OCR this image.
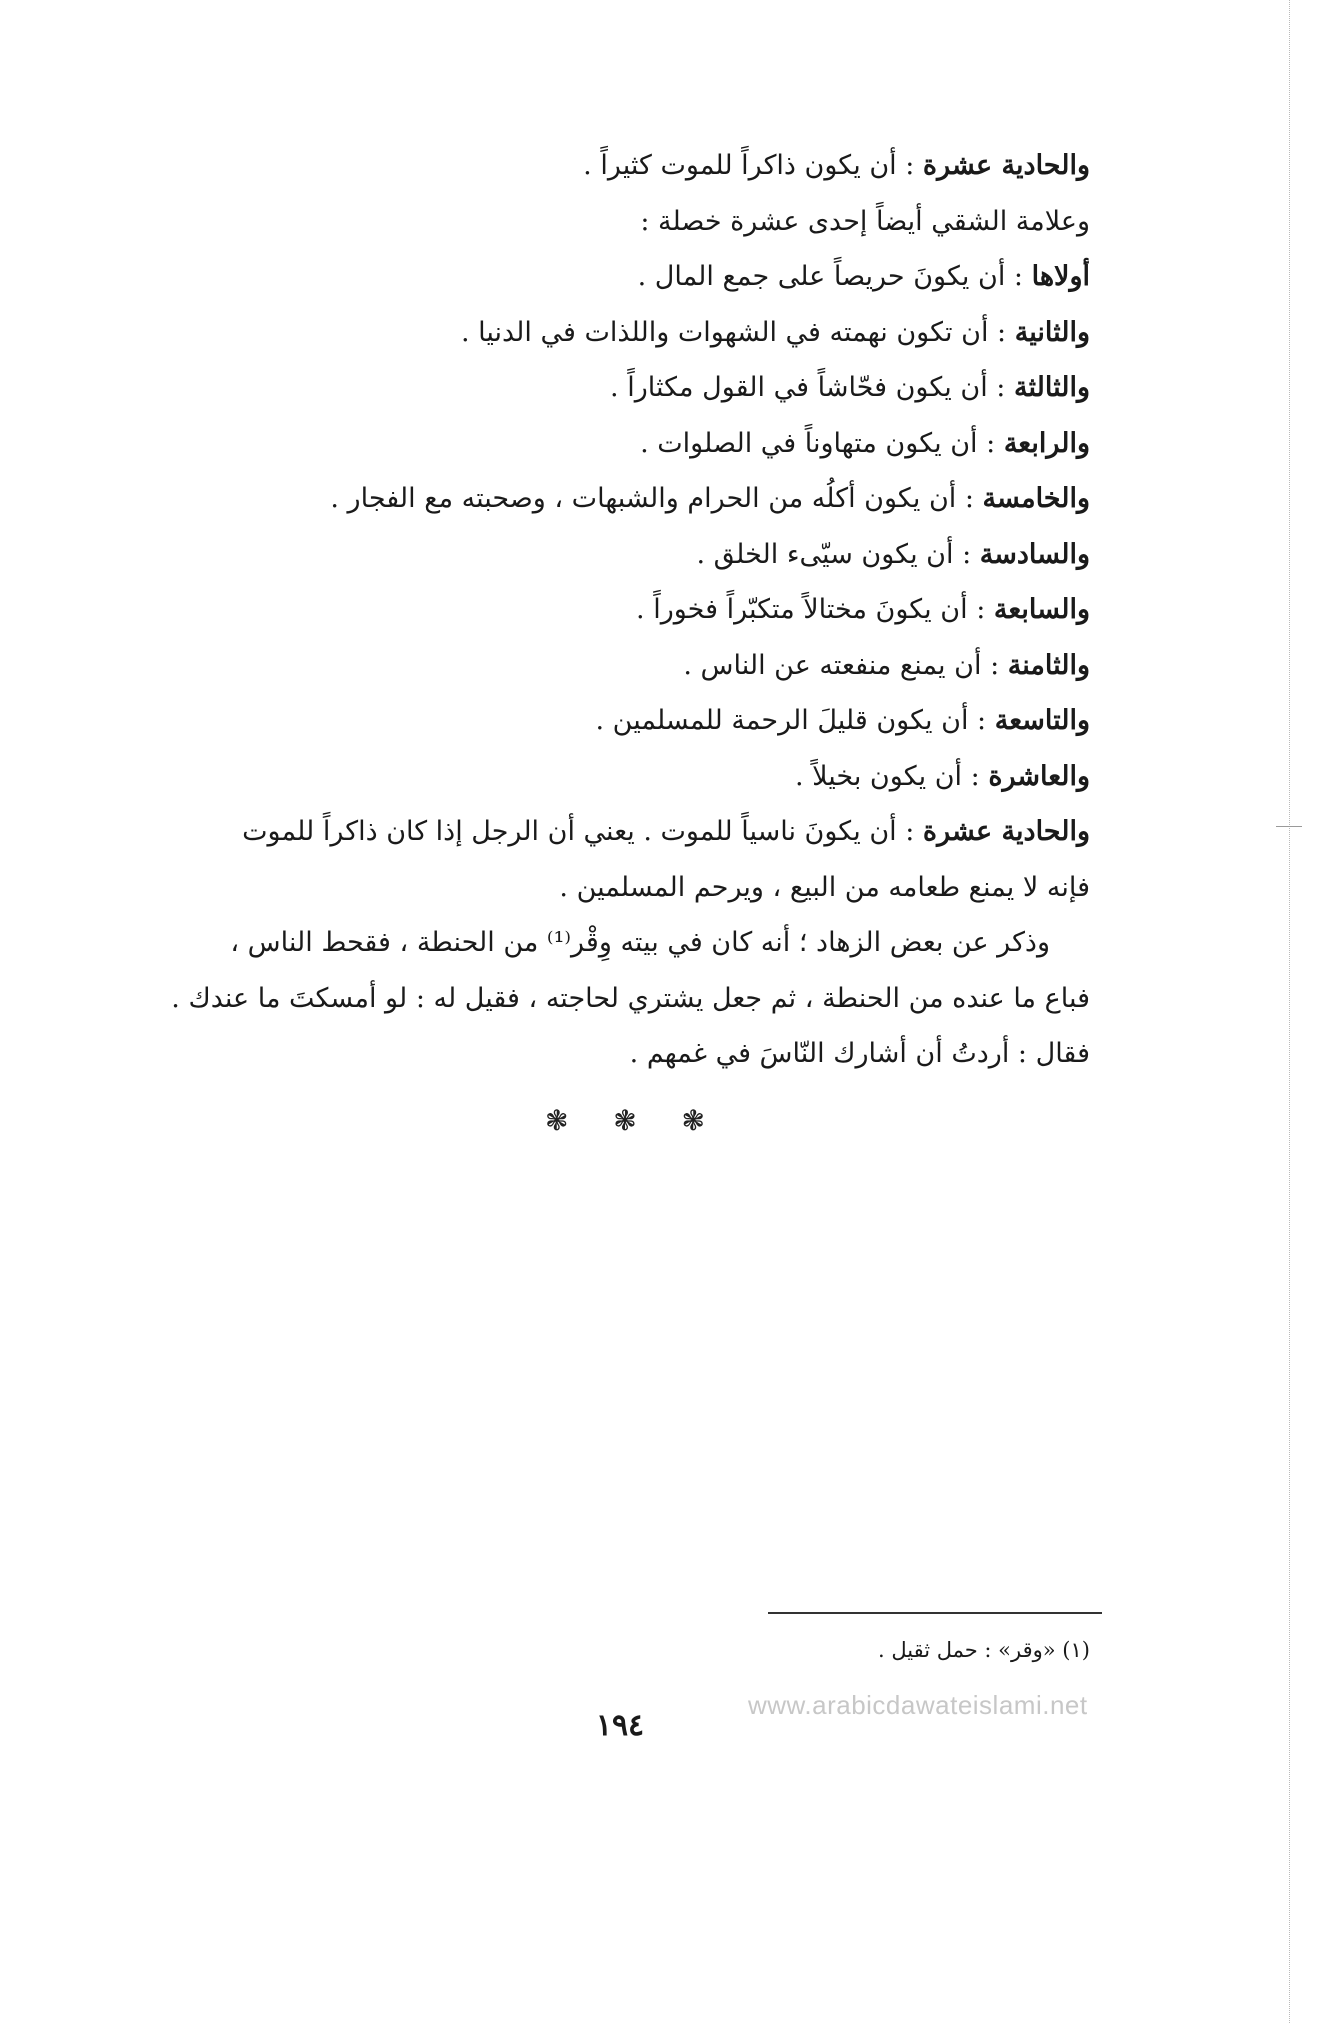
والحادية عشرة : أن يكون ذاكراً للموت كثيراً .
وعلامة الشقي أيضاً إحدى عشرة خصلة :
أولاها : أن يكونَ حريصاً على جمع المال .
والثانية : أن تكون نهمته في الشهوات واللذات في الدنيا .
والثالثة : أن يكون فحّاشاً في القول مكثاراً .
والرابعة : أن يكون متهاوناً في الصلوات .
والخامسة : أن يكون أكلُه من الحرام والشبهات ، وصحبته مع الفجار .
والسادسة : أن يكون سيّىء الخلق .
والسابعة : أن يكونَ مختالاً متكبّراً فخوراً .
والثامنة : أن يمنع منفعته عن الناس .
والتاسعة : أن يكون قليلَ الرحمة للمسلمين .
والعاشرة : أن يكون بخيلاً .
والحادية عشرة : أن يكونَ ناسياً للموت . يعني أن الرجل إذا كان ذاكراً للموت
فإنه لا يمنع طعامه من البيع ، ويرحم المسلمين .
وذكر عن بعض الزهاد ؛ أنه كان في بيته وِقْر⁽¹⁾ من الحنطة ، فقحط الناس ،
فباع ما عنده من الحنطة ، ثم جعل يشتري لحاجته ، فقيل له : لو أمسكتَ ما عندك .
فقال : أردتُ أن أشارك النّاسَ في غمهم .
❃ ❃ ❃
(١) «وقر» : حمل ثقيل .
www.arabicdawateislami.net
١٩٤
